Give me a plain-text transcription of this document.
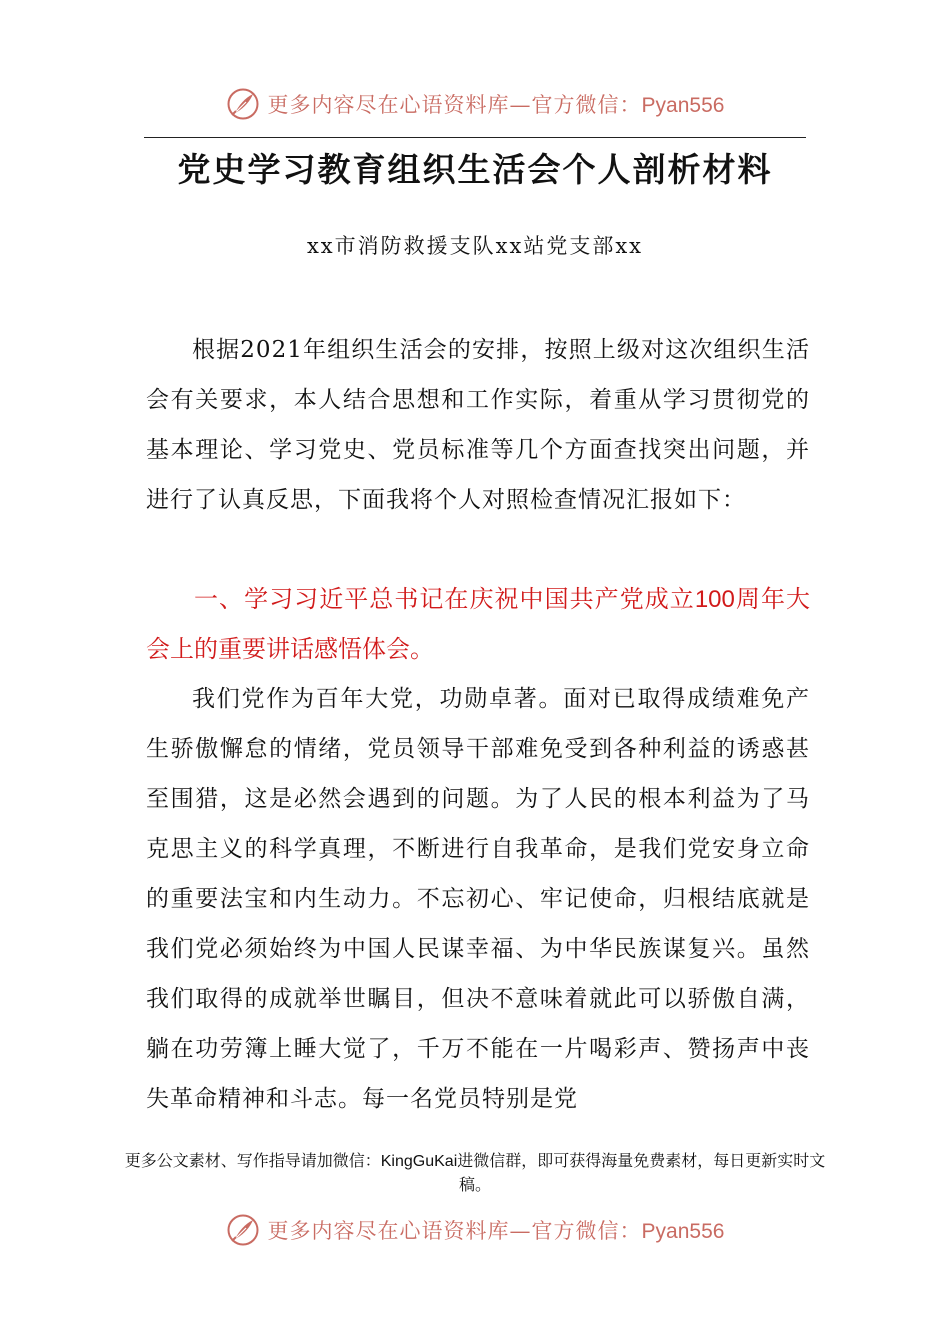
更多内容尽在心语资料库—官方微信：Pyan556
党史学习教育组织生活会个人剖析材料
xx市消防救援支队xx站党支部xx

根据2021年组织生活会的安排，按照上级对这次组织生活会有关要求，本人结合思想和工作实际，着重从学习贯彻党的基本理论、学习党史、党员标准等几个方面查找突出问题，并进行了认真反思，下面我将个人对照检查情况汇报如下：

一、学习习近平总书记在庆祝中国共产党成立100周年大会上的重要讲话感悟体会。

我们党作为百年大党，功勋卓著。面对已取得成绩难免产生骄傲懈怠的情绪，党员领导干部难免受到各种利益的诱惑甚至围猎，这是必然会遇到的问题。为了人民的根本利益为了马克思主义的科学真理，不断进行自我革命，是我们党安身立命的重要法宝和内生动力。不忘初心、牢记使命，归根结底就是我们党必须始终为中国人民谋幸福、为中华民族谋复兴。虽然我们取得的成就举世瞩目，但决不意味着就此可以骄傲自满，躺在功劳簿上睡大觉了，千万不能在一片喝彩声、赞扬声中丧失革命精神和斗志。每一名党员特别是党

更多公文素材、写作指导请加微信：KingGuKai进微信群，即可获得海量免费素材，每日更新实时文稿。
更多内容尽在心语资料库—官方微信：Pyan556
